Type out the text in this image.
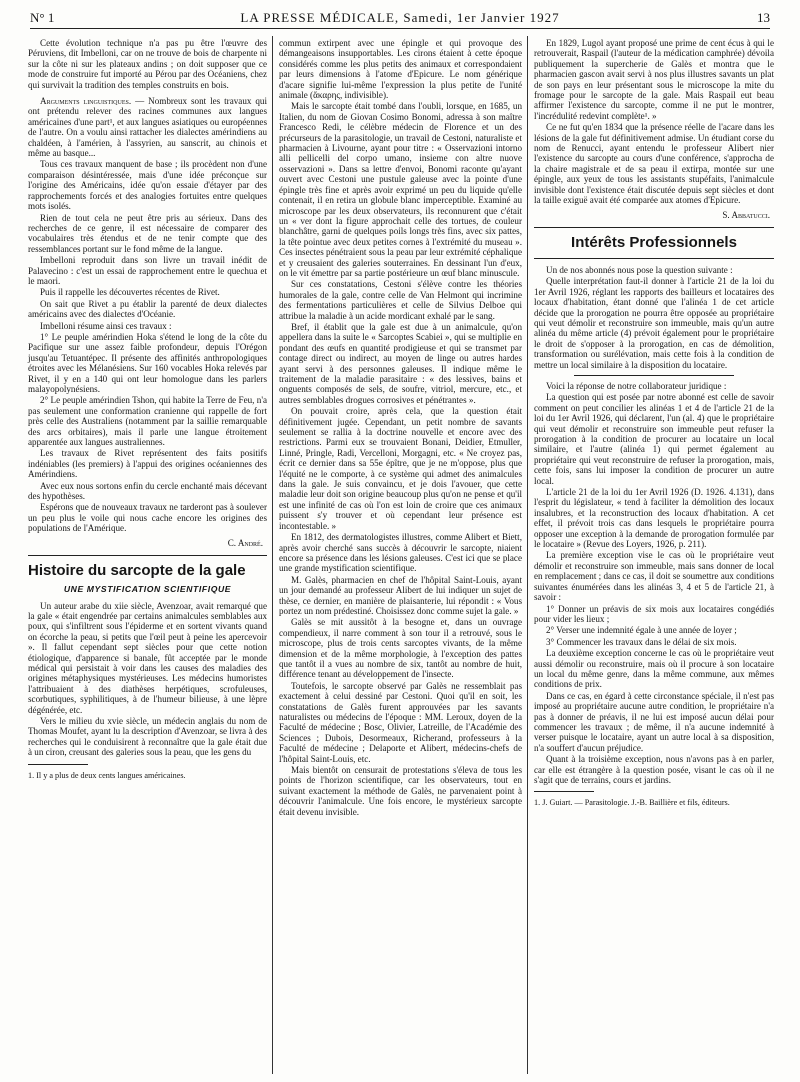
N° 1	LA PRESSE MÉDICALE, Samedi, 1er Janvier 1927	13

Cette évolution technique n'a pas pu être l'œuvre des Péruviens, dit Imbelloni, car on ne trouve de bois de charpente ni sur la côte ni sur les plateaux andins ; on doit supposer que ce mode de construire fut importé au Pérou par des Océaniens, chez qui survivait la tradition des temples construits en bois.

Arguments linguistiques. — Nombreux sont les travaux qui ont prétendu relever des racines communes aux langues américaines d'une part¹, et aux langues asiatiques ou européennes de l'autre. On a voulu ainsi rattacher les dialectes amérindiens au chaldéen, à l'amérien, à l'assyrien, au sanscrit, au chinois et même au basque...

Tous ces travaux manquent de base ; ils procèdent non d'une comparaison désintéressée, mais d'une idée préconçue sur l'origine des Américains, idée qu'on essaie d'étayer par des rapprochements forcés et des analogies fortuites entre quelques mots isolés.

Rien de tout cela ne peut être pris au sérieux. Dans des recherches de ce genre, il est nécessaire de comparer des vocabulaires très étendus et de ne tenir compte que des ressemblances portant sur le fond même de la langue.

Imbelloni reproduit dans son livre un travail inédit de Palavecino : c'est un essai de rapprochement entre le quechua et le maori.

Puis il rappelle les découvertes récentes de Rivet.

On sait que Rivet a pu établir la parenté de deux dialectes américains avec des dialectes d'Océanie.

Imbelloni résume ainsi ces travaux :

1° Le peuple amérindien Hoka s'étend le long de la côte du Pacifique sur une assez faible profondeur, depuis l'Orégon jusqu'au Tetuantépec. Il présente des affinités anthropologiques étroites avec les Mélanésiens. Sur 160 vocables Hoka relevés par Rivet, il y en a 140 qui ont leur homologue dans les parlers malayopolynésiens.

2° Le peuple amérindien Tshon, qui habite la Terre de Feu, n'a pas seulement une conformation cranienne qui rappelle de fort près celle des Australiens (notamment par la saillie remarquable des arcs orbitaires), mais il parle une langue étroitement apparentée aux langues australiennes.

Les travaux de Rivet représentent des faits positifs indéniables (les premiers) à l'appui des origines océaniennes des Amérindiens.

Avec eux nous sortons enfin du cercle enchanté mais décevant des hypothèses.

Espérons que de nouveaux travaux ne tarderont pas à soulever un peu plus le voile qui nous cache encore les origines des populations de l'Amérique.

C. André.

Histoire du sarcopte de la gale
UNE MYSTIFICATION SCIENTIFIQUE

Un auteur arabe du xiie siècle, Avenzoar, avait remarqué que la gale « était engendrée par certains animalcules semblables aux poux, qui s'infiltrent sous l'épiderme et en sortent vivants quand on écorche la peau, si petits que l'œil peut à peine les apercevoir ». Il fallut cependant sept siècles pour que cette notion étiologique, d'apparence si banale, fût acceptée par le monde médical qui persistait à voir dans les causes des maladies des origines métaphysiques mystérieuses. Les médecins humoristes l'attribuaient à des diathèses herpétiques, scrofuleuses, scorbutiques, syphilitiques, à de l'humeur bilieuse, à une lèpre dégénérée, etc.

Vers le milieu du xvie siècle, un médecin anglais du nom de Thomas Moufet, ayant lu la description d'Avenzoar, se livra à des recherches qui le conduisirent à reconnaître que la gale était due à un ciron, creusant des galeries sous la peau, que les gens du

1. Il y a plus de deux cents langues américaines.

commun extirpent avec une épingle et qui provoque des démangeaisons insupportables. Les cirons étaient à cette époque considérés comme les plus petits des animaux et correspondaient par leurs dimensions à l'atome d'Epicure. Le nom générique d'acare signifie lui-même l'expression la plus petite de l'unité animale (ἄκαρης, indivisible).

Mais le sarcopte était tombé dans l'oubli, lorsque, en 1685, un Italien, du nom de Giovan Cosimo Bonomi, adressa à son maître Francesco Redi, le célèbre médecin de Florence et un des précurseurs de la parasitologie, un travail de Cestoni, naturaliste et pharmacien à Livourne, ayant pour titre : « Osservazioni intorno alli pellicelli del corpo umano, insieme con altre nuove osservazioni ». Dans sa lettre d'envoi, Bonomi raconte qu'ayant ouvert avec Cestoni une pustule galeuse avec la pointe d'une épingle très fine et après avoir exprimé un peu du liquide qu'elle contenait, il en retira un globule blanc imperceptible. Examiné au microscope par les deux observateurs, ils reconnurent que c'était un « ver dont la figure approchait celle des tortues, de couleur blanchâtre, garni de quelques poils longs très fins, avec six pattes, la tête pointue avec deux petites cornes à l'extrémité du museau ». Ces insectes pénétraient sous la peau par leur extrémité céphalique et y creusaient des galeries souterraines. En dessinant l'un d'eux, on le vit émettre par sa partie postérieure un œuf blanc minuscule.

Sur ces constatations, Cestoni s'élève contre les théories humorales de la gale, contre celle de Van Helmont qui incrimine des fermentations particulières et celle de Silvius Delboe qui attribue la maladie à un acide mordicant exhalé par le sang.

Bref, il établit que la gale est due à un animalcule, qu'on appellera dans la suite le « Sarcoptes Scabiei », qui se multiplie en pondant des œufs en quantité prodigieuse et qui se transmet par contage direct ou indirect, au moyen de linge ou autres hardes ayant servi à des personnes galeuses. Il indique même le traitement de la maladie parasitaire : « des lessives, bains et onguents composés de sels, de soufre, vitriol, mercure, etc., et autres semblables drogues corrosives et pénétrantes ».

On pouvait croire, après cela, que la question était définitivement jugée. Cependant, un petit nombre de savants seulement se rallia à la doctrine nouvelle et encore avec des restrictions. Parmi eux se trouvaient Bonani, Deidier, Etmuller, Linné, Pringle, Radi, Vercelloni, Morgagni, etc. « Ne croyez pas, écrit ce dernier dans sa 55e épître, que je ne m'oppose, plus que l'équité ne le comporte, à ce système qui admet des animalcules dans la gale. Je suis convaincu, et je dois l'avouer, que cette maladie leur doit son origine beaucoup plus qu'on ne pense et qu'il est une infinité de cas où l'on est loin de croire que ces animaux puissent s'y trouver et où cependant leur présence est incontestable. »

En 1812, des dermatologistes illustres, comme Alibert et Biett, après avoir cherché sans succès à découvrir le sarcopte, niaient encore sa présence dans les lésions galeuses. C'est ici que se place une grande mystification scientifique.

M. Galès, pharmacien en chef de l'hôpital Saint-Louis, ayant un jour demandé au professeur Alibert de lui indiquer un sujet de thèse, ce dernier, en manière de plaisanterie, lui répondit : « Vous portez un nom prédestiné. Choisissez donc comme sujet la gale. »

Galès se mit aussitôt à la besogne et, dans un ouvrage compendieux, il narre comment à son tour il a retrouvé, sous le microscope, plus de trois cents sarcoptes vivants, de la même dimension et de la même morphologie, à l'exception des pattes que tantôt il a vues au nombre de six, tantôt au nombre de huit, différence tenant au développement de l'insecte.

Toutefois, le sarcopte observé par Galès ne ressemblait pas exactement à celui dessiné par Cestoni. Quoi qu'il en soit, les constatations de Galès furent approuvées par les savants naturalistes ou médecins de l'époque : MM. Leroux, doyen de la Faculté de médecine ; Bosc, Olivier, Latreille, de l'Académie des Sciences ; Dubois, Desormeaux, Richerand, professeurs à la Faculté de médecine ; Delaporte et Alibert, médecins-chefs de l'hôpital Saint-Louis, etc.

Mais bientôt on censurait de protestations s'éleva de tous les points de l'horizon scientifique, car les observateurs, tout en suivant exactement la méthode de Galès, ne parvenaient point à découvrir l'animalcule. Une fois encore, le mystérieux sarcopte était devenu invisible.

En 1829, Lugol ayant proposé une prime de cent écus à qui le retrouverait, Raspail (l'auteur de la médication camphrée) dévoila publiquement la supercherie de Galès et montra que le pharmacien gascon avait servi à nos plus illustres savants un plat de son pays en leur présentant sous le microscope la mite du fromage pour le sarcopte de la gale. Mais Raspail eut beau affirmer l'existence du sarcopte, comme il ne put le montrer, l'incrédulité redevint complète¹. »

Ce ne fut qu'en 1834 que la présence réelle de l'acare dans les lésions de la gale fut définitivement admise. Un étudiant corse du nom de Renucci, ayant entendu le professeur Alibert nier l'existence du sarcopte au cours d'une conférence, s'approcha de la chaire magistrale et de sa peau il extirpa, montée sur une épingle, aux yeux de tous les assistants stupéfaits, l'animalcule invisible dont l'existence était discutée depuis sept siècles et dont la taille exiguë avait été comparée aux atomes d'Epicure.

S. Abbatucci.

Intérêts Professionnels

Un de nos abonnés nous pose la question suivante :

Quelle interprétation faut-il donner à l'article 21 de la loi du 1er Avril 1926, réglant les rapports des bailleurs et locataires des locaux d'habitation, étant donné que l'alinéa 1 de cet article décide que la prorogation ne pourra être opposée au propriétaire qui veut démolir et reconstruire son immeuble, mais qu'un autre alinéa du même article (4) prévoit également pour le propriétaire le droit de s'opposer à la prorogation, en cas de démolition, transformation ou surélévation, mais cette fois à la condition de mettre un local similaire à la disposition du locataire.

Voici la réponse de notre collaborateur juridique :

La question qui est posée par notre abonné est celle de savoir comment on peut concilier les alinéas 1 et 4 de l'article 21 de la loi du 1er Avril 1926, qui déclarent, l'un (al. 4) que le propriétaire qui veut démolir et reconstruire son immeuble peut refuser la prorogation à la condition de procurer au locataire un local similaire, et l'autre (alinéa 1) qui permet également au propriétaire qui veut reconstruire de refuser la prorogation, mais, cette fois, sans lui imposer la condition de procurer un autre local.

L'article 21 de la loi du 1er Avril 1926 (D. 1926. 4.131), dans l'esprit du législateur, « tend à faciliter la démolition des locaux insalubres, et la reconstruction des locaux d'habitation. A cet effet, il prévoit trois cas dans lesquels le propriétaire pourra opposer une exception à la demande de prorogation formulée par le locataire » (Revue des Loyers, 1926, p. 211).

La première exception vise le cas où le propriétaire veut démolir et reconstruire son immeuble, mais sans donner de local en remplacement ; dans ce cas, il doit se soumettre aux conditions suivantes énumérées dans les alinéas 3, 4 et 5 de l'article 21, à savoir :

1° Donner un préavis de six mois aux locataires congédiés pour vider les lieux ;

2° Verser une indemnité égale à une année de loyer ;

3° Commencer les travaux dans le délai de six mois.

La deuxième exception concerne le cas où le propriétaire veut aussi démolir ou reconstruire, mais où il procure à son locataire un local du même genre, dans la même commune, aux mêmes conditions de prix.

Dans ce cas, en égard à cette circonstance spéciale, il n'est pas imposé au propriétaire aucune autre condition, le propriétaire n'a pas à donner de préavis, il ne lui est imposé aucun délai pour commencer les travaux ; de même, il n'a aucune indemnité à verser puisque le locataire, ayant un autre local à sa disposition, n'a souffert d'aucun préjudice.

Quant à la troisième exception, nous n'avons pas à en parler, car elle est étrangère à la question posée, visant le cas où il ne s'agit que de terrains, cours et jardins.

1. J. Guiart. — Parasitologie. J.-B. Baillière et fils, éditeurs.
